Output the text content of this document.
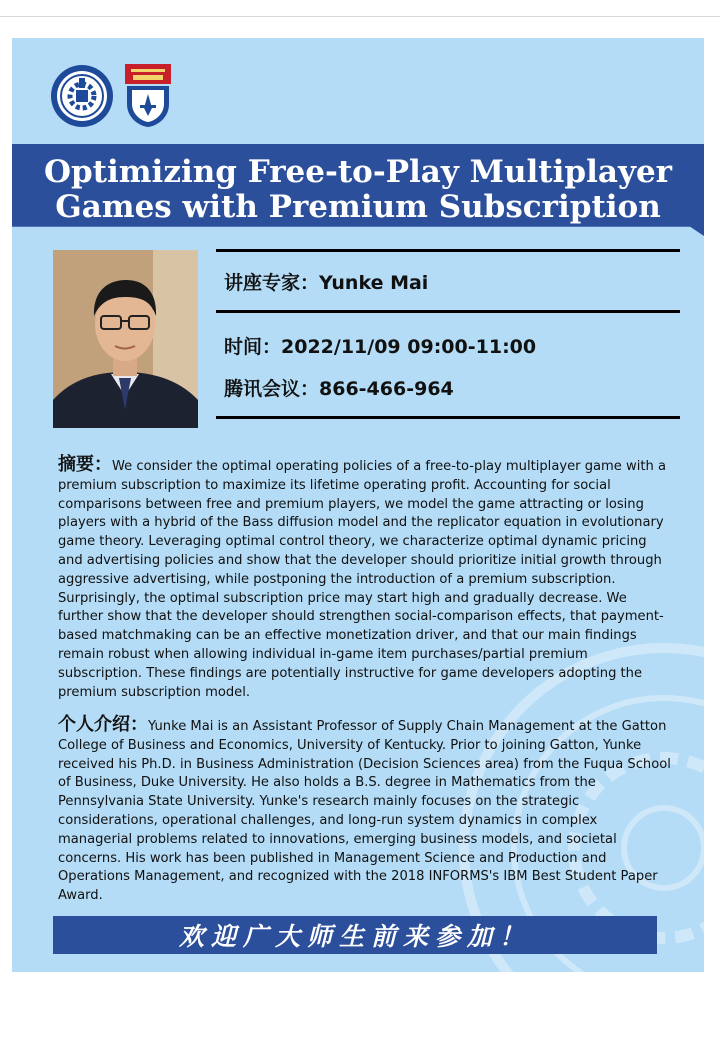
Optimizing Free-to-Play Multiplayer
Games with Premium Subscription
讲座专家：Yunke Mai
时间：2022/11/09 09:00-11:00
腾讯会议：866-466-964
摘要：We consider the optimal operating policies of a free-to-play multiplayer game with a premium subscription to maximize its lifetime operating profit. Accounting for social comparisons between free and premium players, we model the game attracting or losing players with a hybrid of the Bass diffusion model and the replicator equation in evolutionary game theory. Leveraging optimal control theory, we characterize optimal dynamic pricing and advertising policies and show that the developer should prioritize initial growth through aggressive advertising, while postponing the introduction of a premium subscription. Surprisingly, the optimal subscription price may start high and gradually decrease. We further show that the developer should strengthen social-comparison effects, that payment-based matchmaking can be an effective monetization driver, and that our main findings remain robust when allowing individual in-game item purchases/partial premium subscription. These findings are potentially instructive for game developers adopting the premium subscription model.
个人介绍：Yunke Mai is an Assistant Professor of Supply Chain Management at the Gatton College of Business and Economics, University of Kentucky. Prior to joining Gatton, Yunke received his Ph.D. in Business Administration (Decision Sciences area) from the Fuqua School of Business, Duke University. He also holds a B.S. degree in Mathematics from the Pennsylvania State University. Yunke's research mainly focuses on the strategic considerations, operational challenges, and long-run system dynamics in complex managerial problems related to innovations, emerging business models, and societal concerns. His work has been published in Management Science and Production and Operations Management, and recognized with the 2018 INFORMS's IBM Best Student Paper Award.
欢迎广大师生前来参加！
